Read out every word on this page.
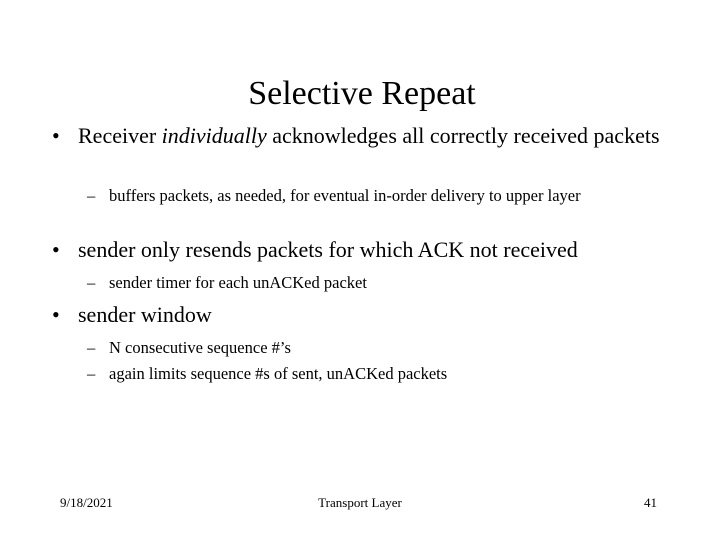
Selective Repeat
• Receiver individually acknowledges all correctly received packets
– buffers packets, as needed, for eventual in-order delivery to upper layer
• sender only resends packets for which ACK not received
– sender timer for each unACKed packet
• sender window
– N consecutive sequence #’s
– again limits sequence #s of sent, unACKed packets
9/18/2021	Transport Layer	41
